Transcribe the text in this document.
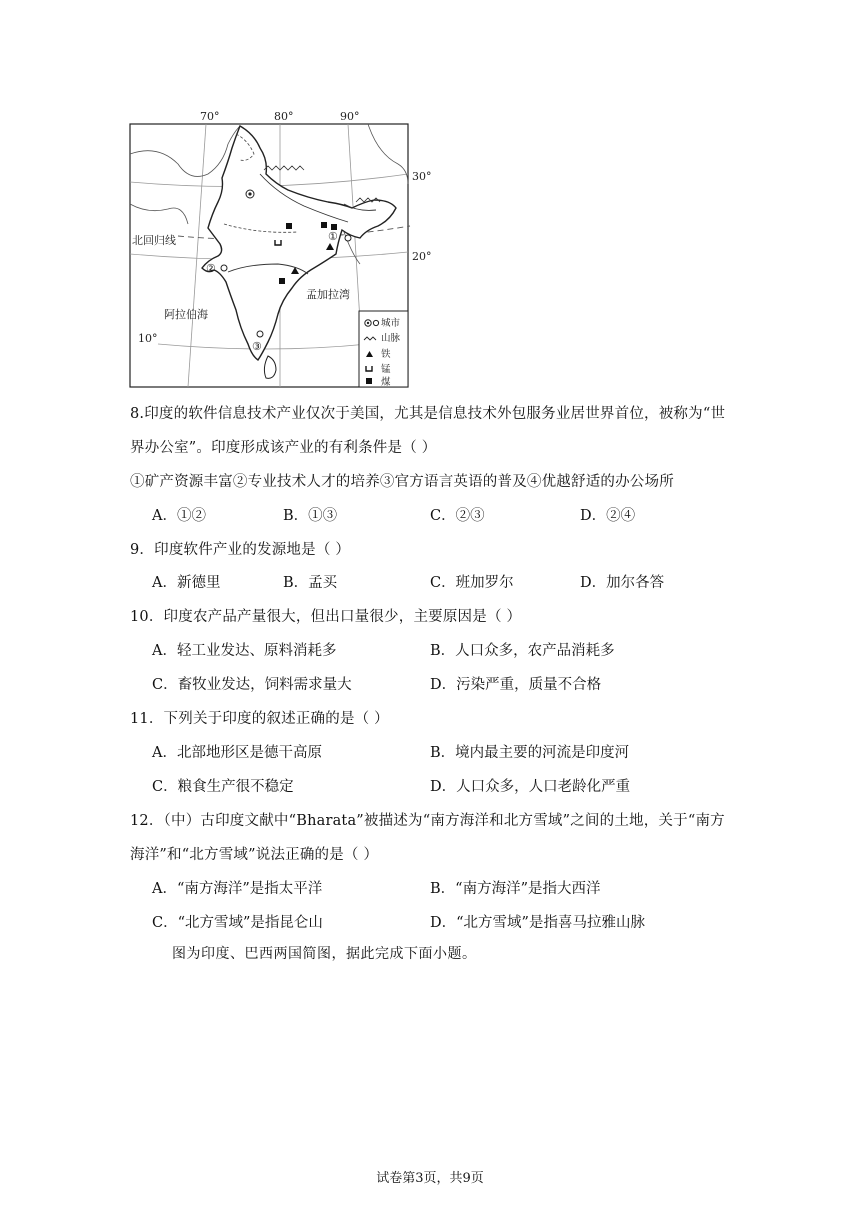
70°	80°	90°
30°
20°
10°
北回归线	①
②
③
阿拉伯海
孟加拉湾
城市
山脉
铁
锰
煤
8.印度的软件信息技术产业仅次于美国，尤其是信息技术外包服务业居世界首位，被称为“世
界办公室”。印度形成该产业的有利条件是（ ）
①矿产资源丰富②专业技术人才的培养③官方语言英语的普及④优越舒适的办公场所
A．①②	B．①③	C．②③	D．②④
9．印度软件产业的发源地是（ ）
A．新德里	B．孟买	C．班加罗尔	D．加尔各答
10．印度农产品产量很大，但出口量很少，主要原因是（ ）
A．轻工业发达、原料消耗多	B．人口众多，农产品消耗多
C．畜牧业发达，饲料需求量大	D．污染严重，质量不合格
11．下列关于印度的叙述正确的是（ ）
A．北部地形区是德干高原	B．境内最主要的河流是印度河
C．粮食生产很不稳定	D．人口众多，人口老龄化严重
12．（中）古印度文献中“Bharata”被描述为“南方海洋和北方雪域”之间的土地，关于“南方
海洋”和“北方雪域”说法正确的是（ ）
A．“南方海洋”是指太平洋	B．“南方海洋”是指大西洋
C．“北方雪域”是指昆仑山	D．“北方雪域”是指喜马拉雅山脉
图为印度、巴西两国简图，据此完成下面小题。
试卷第3页，共9页
